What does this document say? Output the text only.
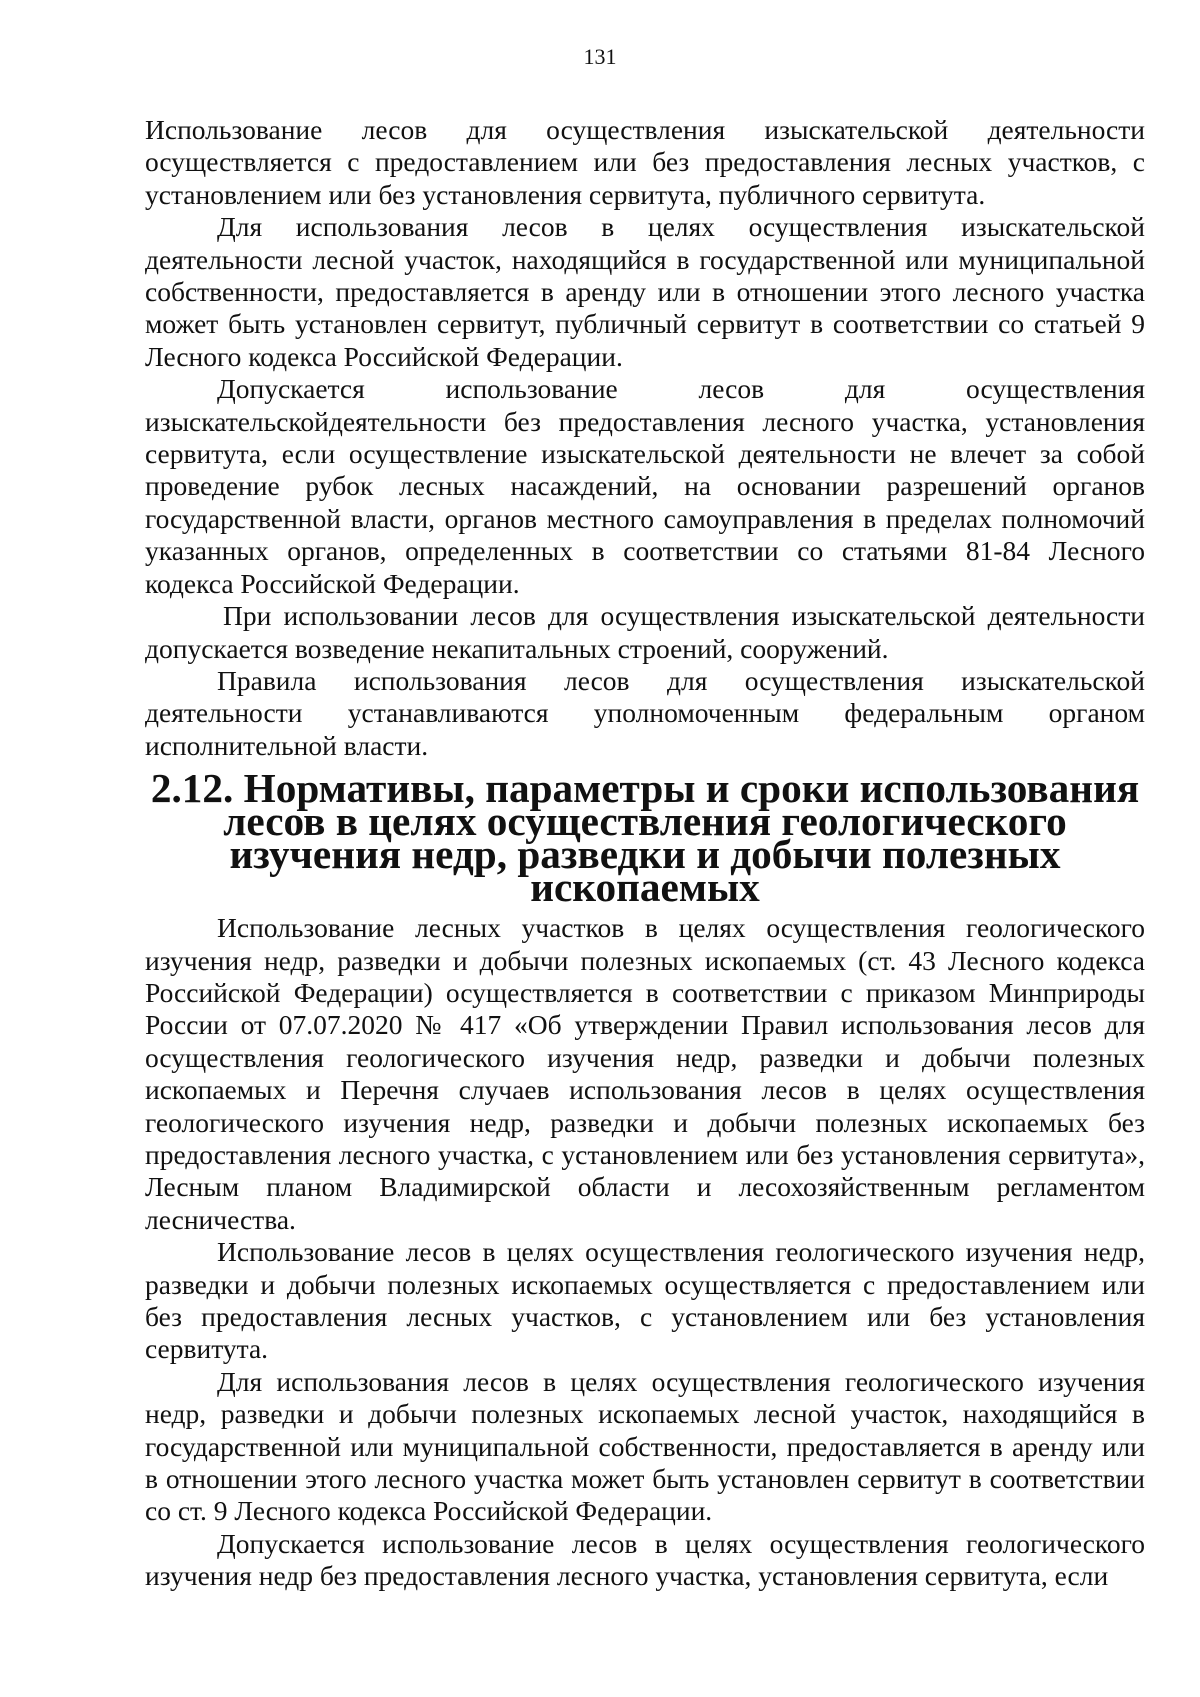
131

Использование лесов для осуществления изыскательской деятельности осуществляется с предоставлением или без предоставления лесных участков, с установлением или без установления сервитута, публичного сервитута.

Для использования лесов в целях осуществления изыскательской деятельности лесной участок, находящийся в государственной или муниципальной собственности, предоставляется в аренду или в отношении этого лесного участка может быть установлен сервитут, публичный сервитут в соответствии со статьей 9 Лесного кодекса Российской Федерации.

Допускается использование лесов для осуществления изыскательскойдеятельности без предоставления лесного участка, установления сервитута, если осуществление изыскательской деятельности не влечет за собой проведение рубок лесных насаждений, на основании разрешений органов государственной власти, органов местного самоуправления в пределах полномочий указанных органов, определенных в соответствии со статьями 81-84 Лесного кодекса Российской Федерации.

При использовании лесов для осуществления изыскательской деятельности допускается возведение некапитальных строений, сооружений.

Правила использования лесов для осуществления изыскательской деятельности устанавливаются уполномоченным федеральным органом исполнительной власти.

2.12. Нормативы, параметры и сроки использования лесов в целях осуществления геологического изучения недр, разведки и добычи полезных ископаемых

Использование лесных участков в целях осуществления геологического изучения недр, разведки и добычи полезных ископаемых (ст. 43 Лесного кодекса Российской Федерации) осуществляется в соответствии с приказом Минприроды России от 07.07.2020 № 417 «Об утверждении Правил использования лесов для осуществления геологического изучения недр, разведки и добычи полезных ископаемых и Перечня случаев использования лесов в целях осуществления геологического изучения недр, разведки и добычи полезных ископаемых без предоставления лесного участка, с установлением или без установления сервитута», Лесным планом Владимирской области и лесохозяйственным регламентом лесничества.

Использование лесов в целях осуществления геологического изучения недр, разведки и добычи полезных ископаемых осуществляется с предоставлением или без предоставления лесных участков, с установлением или без установления сервитута.

Для использования лесов в целях осуществления геологического изучения недр, разведки и добычи полезных ископаемых лесной участок, находящийся в государственной или муниципальной собственности, предоставляется в аренду или в отношении этого лесного участка может быть установлен сервитут в соответствии со ст. 9 Лесного кодекса Российской Федерации.

Допускается использование лесов в целях осуществления геологического изучения недр без предоставления лесного участка, установления сервитута, если
